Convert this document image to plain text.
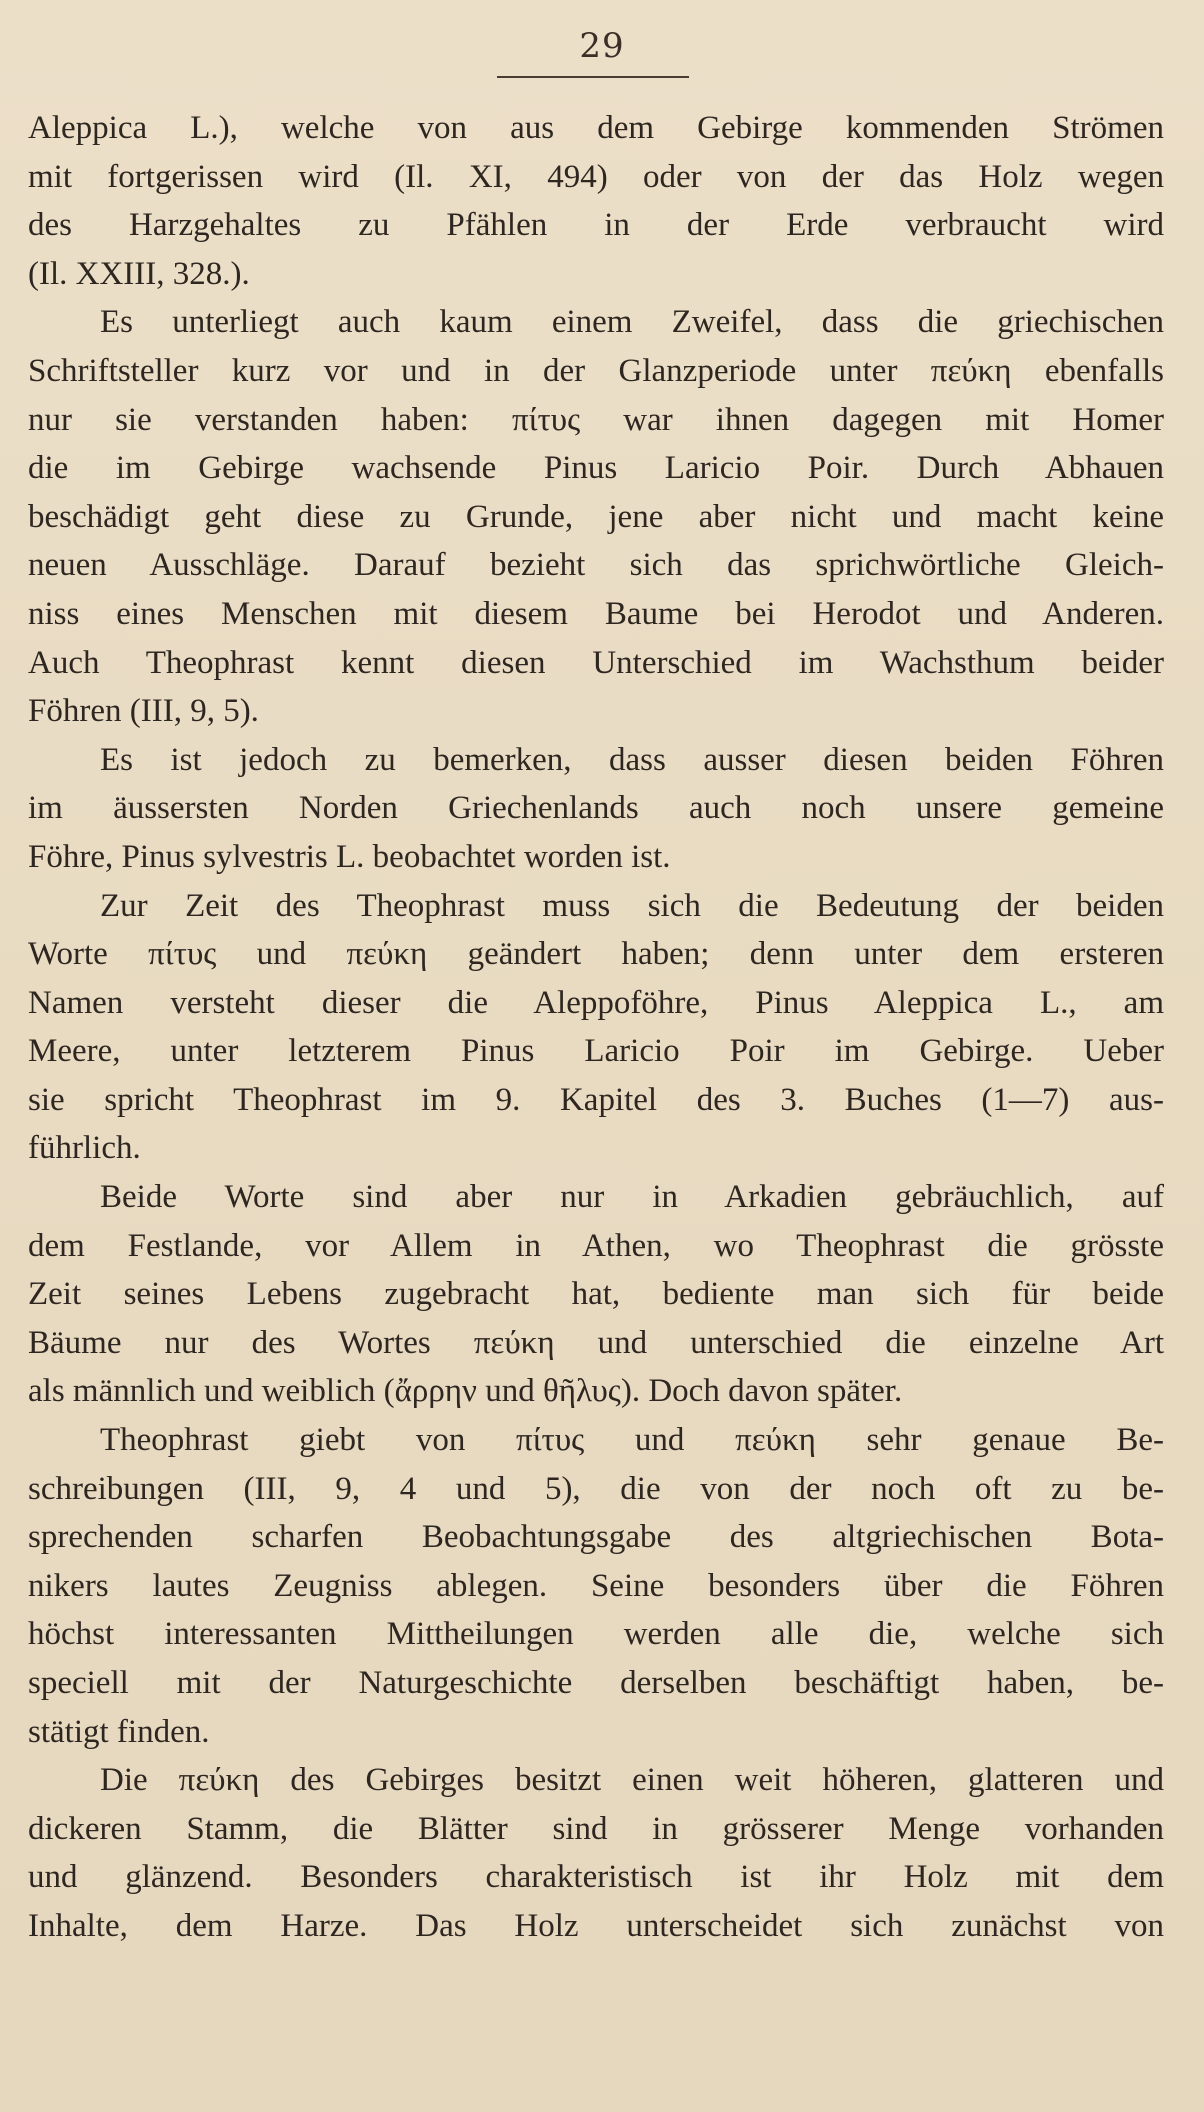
29
Aleppica L.), welche von aus dem Gebirge kommenden Strömen
mit fortgerissen wird (Il. XI, 494) oder von der das Holz wegen
des Harzgehaltes zu Pfählen in der Erde verbraucht wird
(Il. XXIII, 328.).
Es unterliegt auch kaum einem Zweifel, dass die griechischen
Schriftsteller kurz vor und in der Glanzperiode unter πεύκη ebenfalls
nur sie verstanden haben: πίτυς war ihnen dagegen mit Homer
die im Gebirge wachsende Pinus Laricio Poir. Durch Abhauen
beschädigt geht diese zu Grunde, jene aber nicht und macht keine
neuen Ausschläge. Darauf bezieht sich das sprichwörtliche Gleich-
niss eines Menschen mit diesem Baume bei Herodot und Anderen.
Auch Theophrast kennt diesen Unterschied im Wachsthum beider
Föhren (III, 9, 5).
Es ist jedoch zu bemerken, dass ausser diesen beiden Föhren
im äussersten Norden Griechenlands auch noch unsere gemeine
Föhre, Pinus sylvestris L. beobachtet worden ist.
Zur Zeit des Theophrast muss sich die Bedeutung der beiden
Worte πίτυς und πεύκη geändert haben; denn unter dem ersteren
Namen versteht dieser die Aleppoföhre, Pinus Aleppica L., am
Meere, unter letzterem Pinus Laricio Poir im Gebirge. Ueber
sie spricht Theophrast im 9. Kapitel des 3. Buches (1—7) aus-
führlich.
Beide Worte sind aber nur in Arkadien gebräuchlich, auf
dem Festlande, vor Allem in Athen, wo Theophrast die grösste
Zeit seines Lebens zugebracht hat, bediente man sich für beide
Bäume nur des Wortes πεύκη und unterschied die einzelne Art
als männlich und weiblich (ἄρρην und θῆλυς). Doch davon später.
Theophrast giebt von πίτυς und πεύκη sehr genaue Be-
schreibungen (III, 9, 4 und 5), die von der noch oft zu be-
sprechenden scharfen Beobachtungsgabe des altgriechischen Bota-
nikers lautes Zeugniss ablegen. Seine besonders über die Föhren
höchst interessanten Mittheilungen werden alle die, welche sich
speciell mit der Naturgeschichte derselben beschäftigt haben, be-
stätigt finden.
Die πεύκη des Gebirges besitzt einen weit höheren, glatteren und
dickeren Stamm, die Blätter sind in grösserer Menge vorhanden
und glänzend. Besonders charakteristisch ist ihr Holz mit dem
Inhalte, dem Harze. Das Holz unterscheidet sich zunächst von
